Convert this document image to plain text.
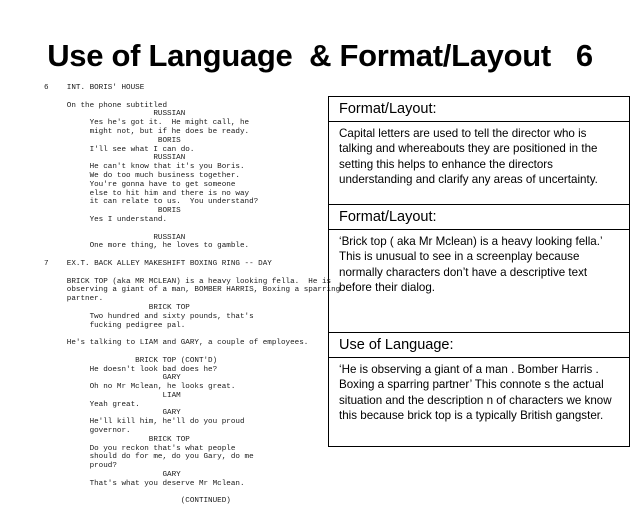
Use of Language  & Format/Layout   6
6    INT. BORIS' HOUSE

On the phone subtitled
RUSSIAN
Yes he's got it.  He might call, he
might not, but if he does be ready.
BORIS
I'll see what I can do.
RUSSIAN
He can't know that it's you Boris.
We do too much business together.
You're gonna have to get someone
else to hit him and there is no way
it can relate to us.  You understand?
BORIS
Yes I understand.

RUSSIAN
One more thing, he loves to gamble.

7    EX.T. BACK ALLEY MAKESHIFT BOXING RING -- DAY

BRICK TOP (aka MR MCLEAN) is a heavy looking fella.  He is
observing a giant of a man, BOMBER HARRIS, Boxing a sparring
partner.
BRICK TOP
Two hundred and sixty pounds, that's
fucking pedigree pal.

He's talking to LIAM and GARY, a couple of employees.

BRICK TOP (CONT'D)
He doesn't look bad does he?
GARY
Oh no Mr Mclean, he looks great.
LIAM
Yeah great.
GARY
He'll kill him, he'll do you proud
governor.
BRICK TOP
Do you reckon that's what people
should do for me, do you Gary, do me
proud?
GARY
That's what you deserve Mr Mclean.

(CONTINUED)
Format/Layout:
Capital letters are used to tell the director who is talking and whereabouts they are positioned in the setting this helps to enhance the directors understanding and clarify any areas of uncertainty.
Format/Layout:
‘Brick top ( aka Mr Mclean) is a heavy looking fella.’ This is unusual to see in a screenplay because normally characters don’t have a descriptive text before their dialog.
Use of Language:
‘He is observing a giant of a man . Bomber Harris . Boxing a sparring partner’ This connote s the actual situation and the description n of characters we know this because brick top is a typically British gangster.
